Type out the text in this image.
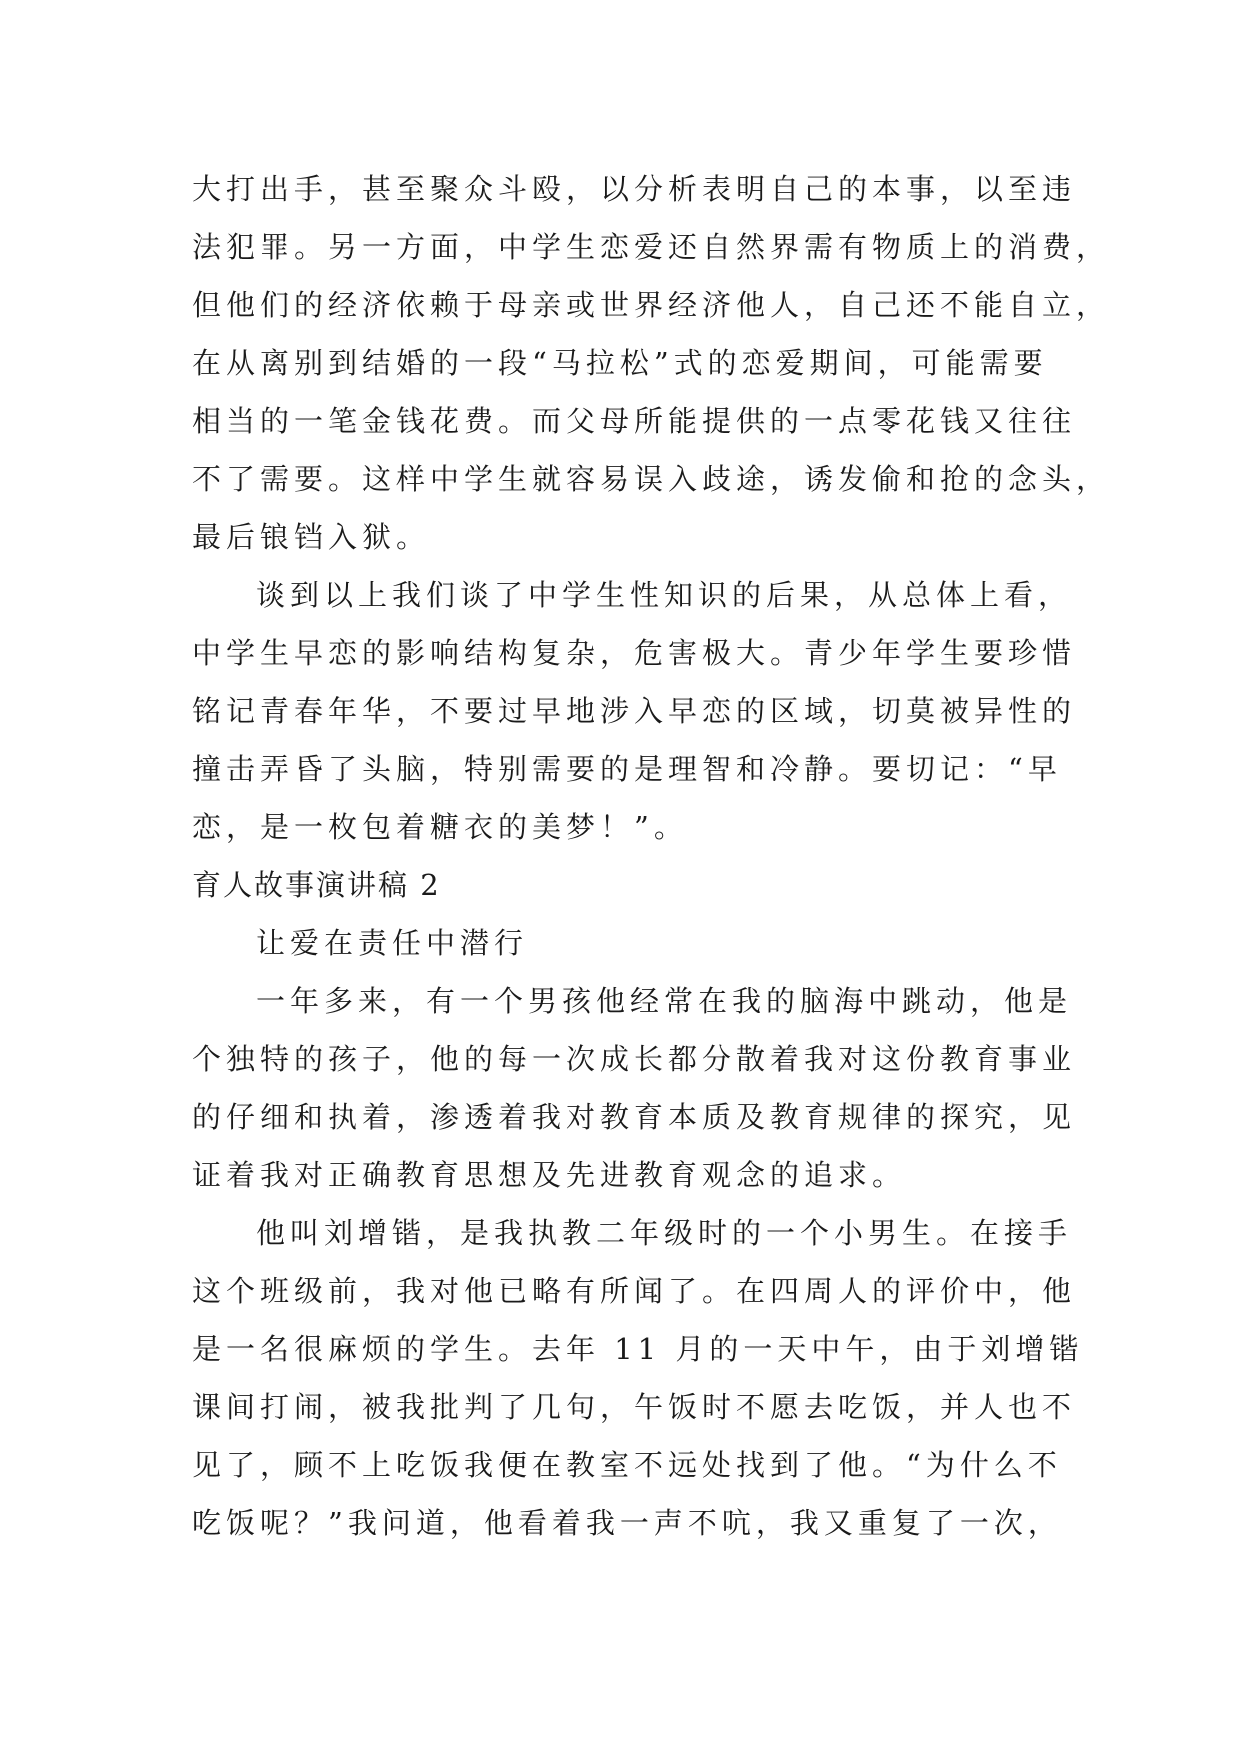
大打出手，甚至聚众斗殴，以分析表明自己的本事，以至违
法犯罪。另一方面，中学生恋爱还自然界需有物质上的消费，
但他们的经济依赖于母亲或世界经济他人，自己还不能自立，
在从离别到结婚的一段“马拉松”式的恋爱期间，可能需要
相当的一笔金钱花费。而父母所能提供的一点零花钱又往往
不了需要。这样中学生就容易误入歧途，诱发偷和抢的念头，
最后锒铛入狱。
谈到以上我们谈了中学生性知识的后果，从总体上看，
中学生早恋的影响结构复杂，危害极大。青少年学生要珍惜
铭记青春年华，不要过早地涉入早恋的区域，切莫被异性的
撞击弄昏了头脑，特别需要的是理智和冷静。要切记：“早
恋，是一枚包着糖衣的美梦！”。
育人故事演讲稿 2
让爱在责任中潜行
一年多来，有一个男孩他经常在我的脑海中跳动，他是
个独特的孩子，他的每一次成长都分散着我对这份教育事业
的仔细和执着，渗透着我对教育本质及教育规律的探究，见
证着我对正确教育思想及先进教育观念的追求。
他叫刘增锴，是我执教二年级时的一个小男生。在接手
这个班级前，我对他已略有所闻了。在四周人的评价中，他
是一名很麻烦的学生。去年 11 月的一天中午，由于刘增锴
课间打闹，被我批判了几句，午饭时不愿去吃饭，并人也不
见了，顾不上吃饭我便在教室不远处找到了他。“为什么不
吃饭呢？”我问道，他看着我一声不吭，我又重复了一次，
